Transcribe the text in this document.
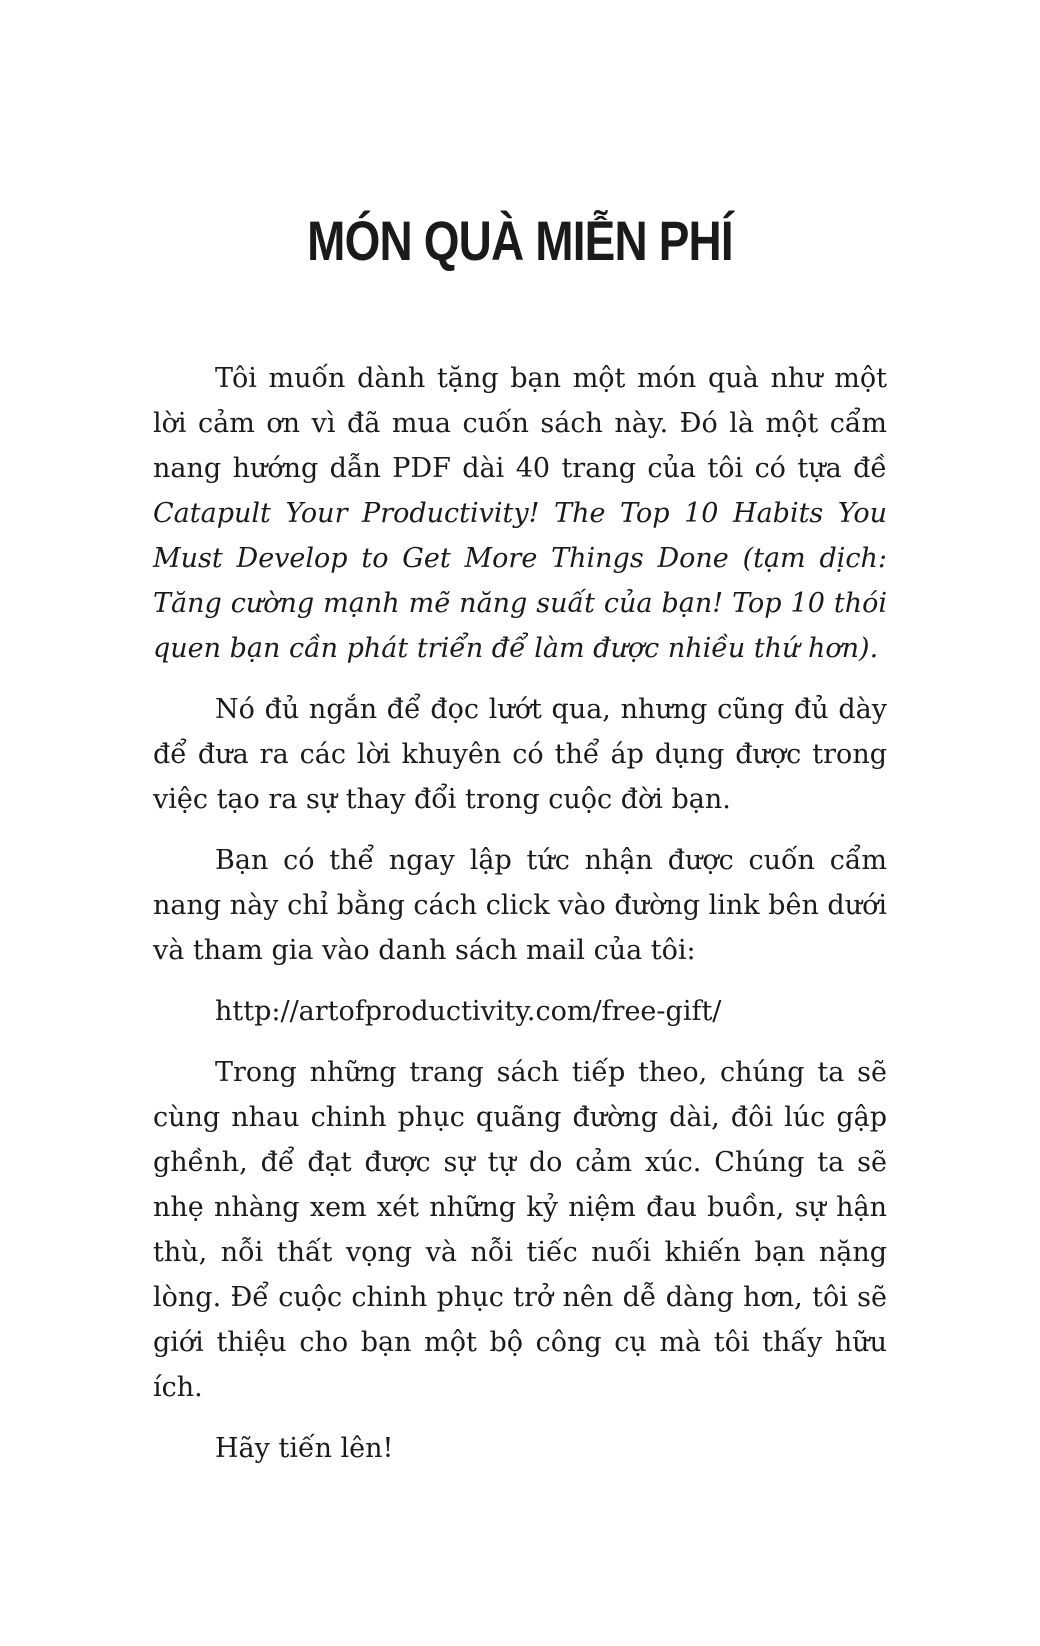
MÓN QUÀ MIỄN PHÍ

Tôi muốn dành tặng bạn một món quà như một lời cảm ơn vì đã mua cuốn sách này. Đó là một cẩm nang hướng dẫn PDF dài 40 trang của tôi có tựa đề Catapult Your Productivity! The Top 10 Habits You Must Develop to Get More Things Done (tạm dịch: Tăng cường mạnh mẽ năng suất của bạn! Top 10 thói quen bạn cần phát triển để làm được nhiều thứ hơn).

Nó đủ ngắn để đọc lướt qua, nhưng cũng đủ dày để đưa ra các lời khuyên có thể áp dụng được trong việc tạo ra sự thay đổi trong cuộc đời bạn.

Bạn có thể ngay lập tức nhận được cuốn cẩm nang này chỉ bằng cách click vào đường link bên dưới và tham gia vào danh sách mail của tôi:

http://artofproductivity.com/free-gift/

Trong những trang sách tiếp theo, chúng ta sẽ cùng nhau chinh phục quãng đường dài, đôi lúc gập ghềnh, để đạt được sự tự do cảm xúc. Chúng ta sẽ nhẹ nhàng xem xét những kỷ niệm đau buồn, sự hận thù, nỗi thất vọng và nỗi tiếc nuối khiến bạn nặng lòng. Để cuộc chinh phục trở nên dễ dàng hơn, tôi sẽ giới thiệu cho bạn một bộ công cụ mà tôi thấy hữu ích.

Hãy tiến lên!
